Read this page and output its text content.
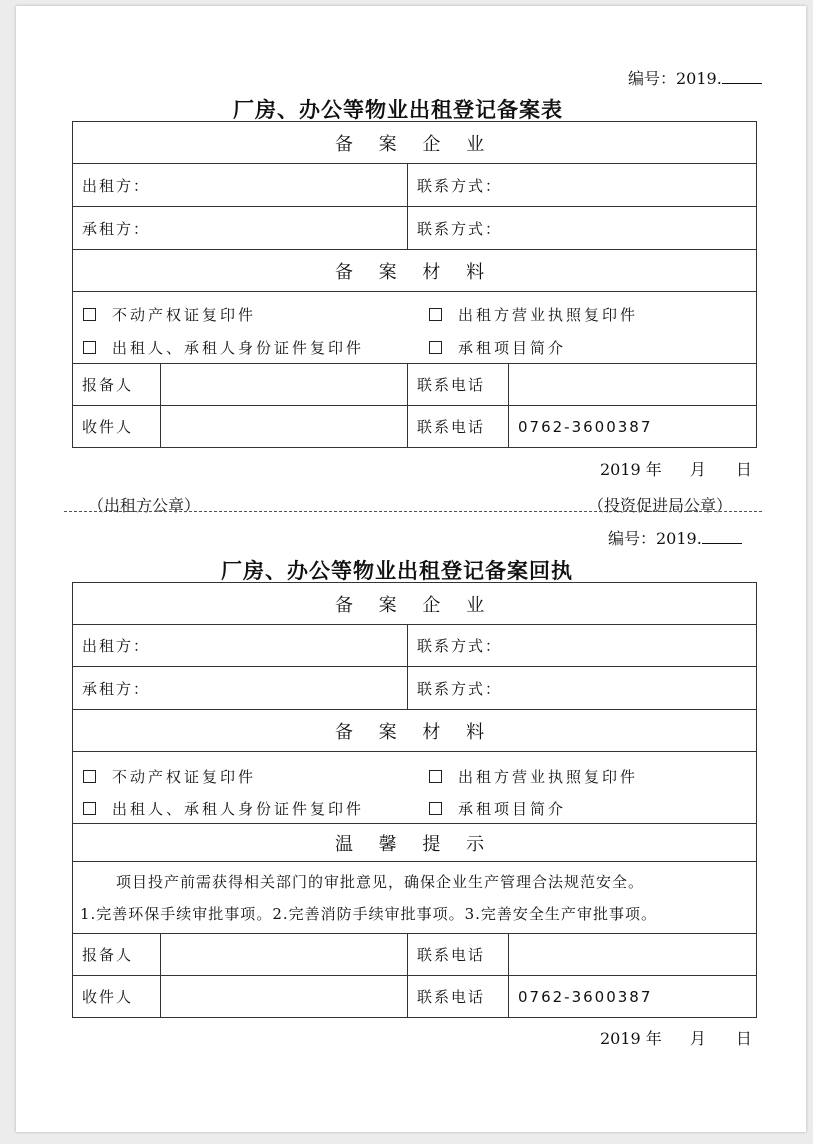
编号：2019.
厂房、办公等物业出租登记备案表
备 案 企 业			
出租方：		联系方式：	
承租方：		联系方式：	
备 案 材 料			

不动产权证复印件 出租方营业执照复印件
出租人、承租人身份证件复印件 承租项目简介			

报备人		联系电话	
收件人		联系电话	0762-3600387
2019 年 月 日
（出租方公章）	（投资促进局公章）
编号：2019.
厂房、办公等物业出租登记备案回执
备 案 企 业			
出租方：		联系方式：	
承租方：		联系方式：	
备 案 材 料			

不动产权证复印件 出租方营业执照复印件
出租人、承租人身份证件复印件 承租项目简介			

温 馨 提 示			

项目投产前需获得相关部门的审批意见，确保企业生产管理合法规范安全。
1.完善环保手续审批事项。2.完善消防手续审批事项。3.完善安全生产审批事项。			

报备人		联系电话	
收件人		联系电话	0762-3600387
2019 年 月 日
